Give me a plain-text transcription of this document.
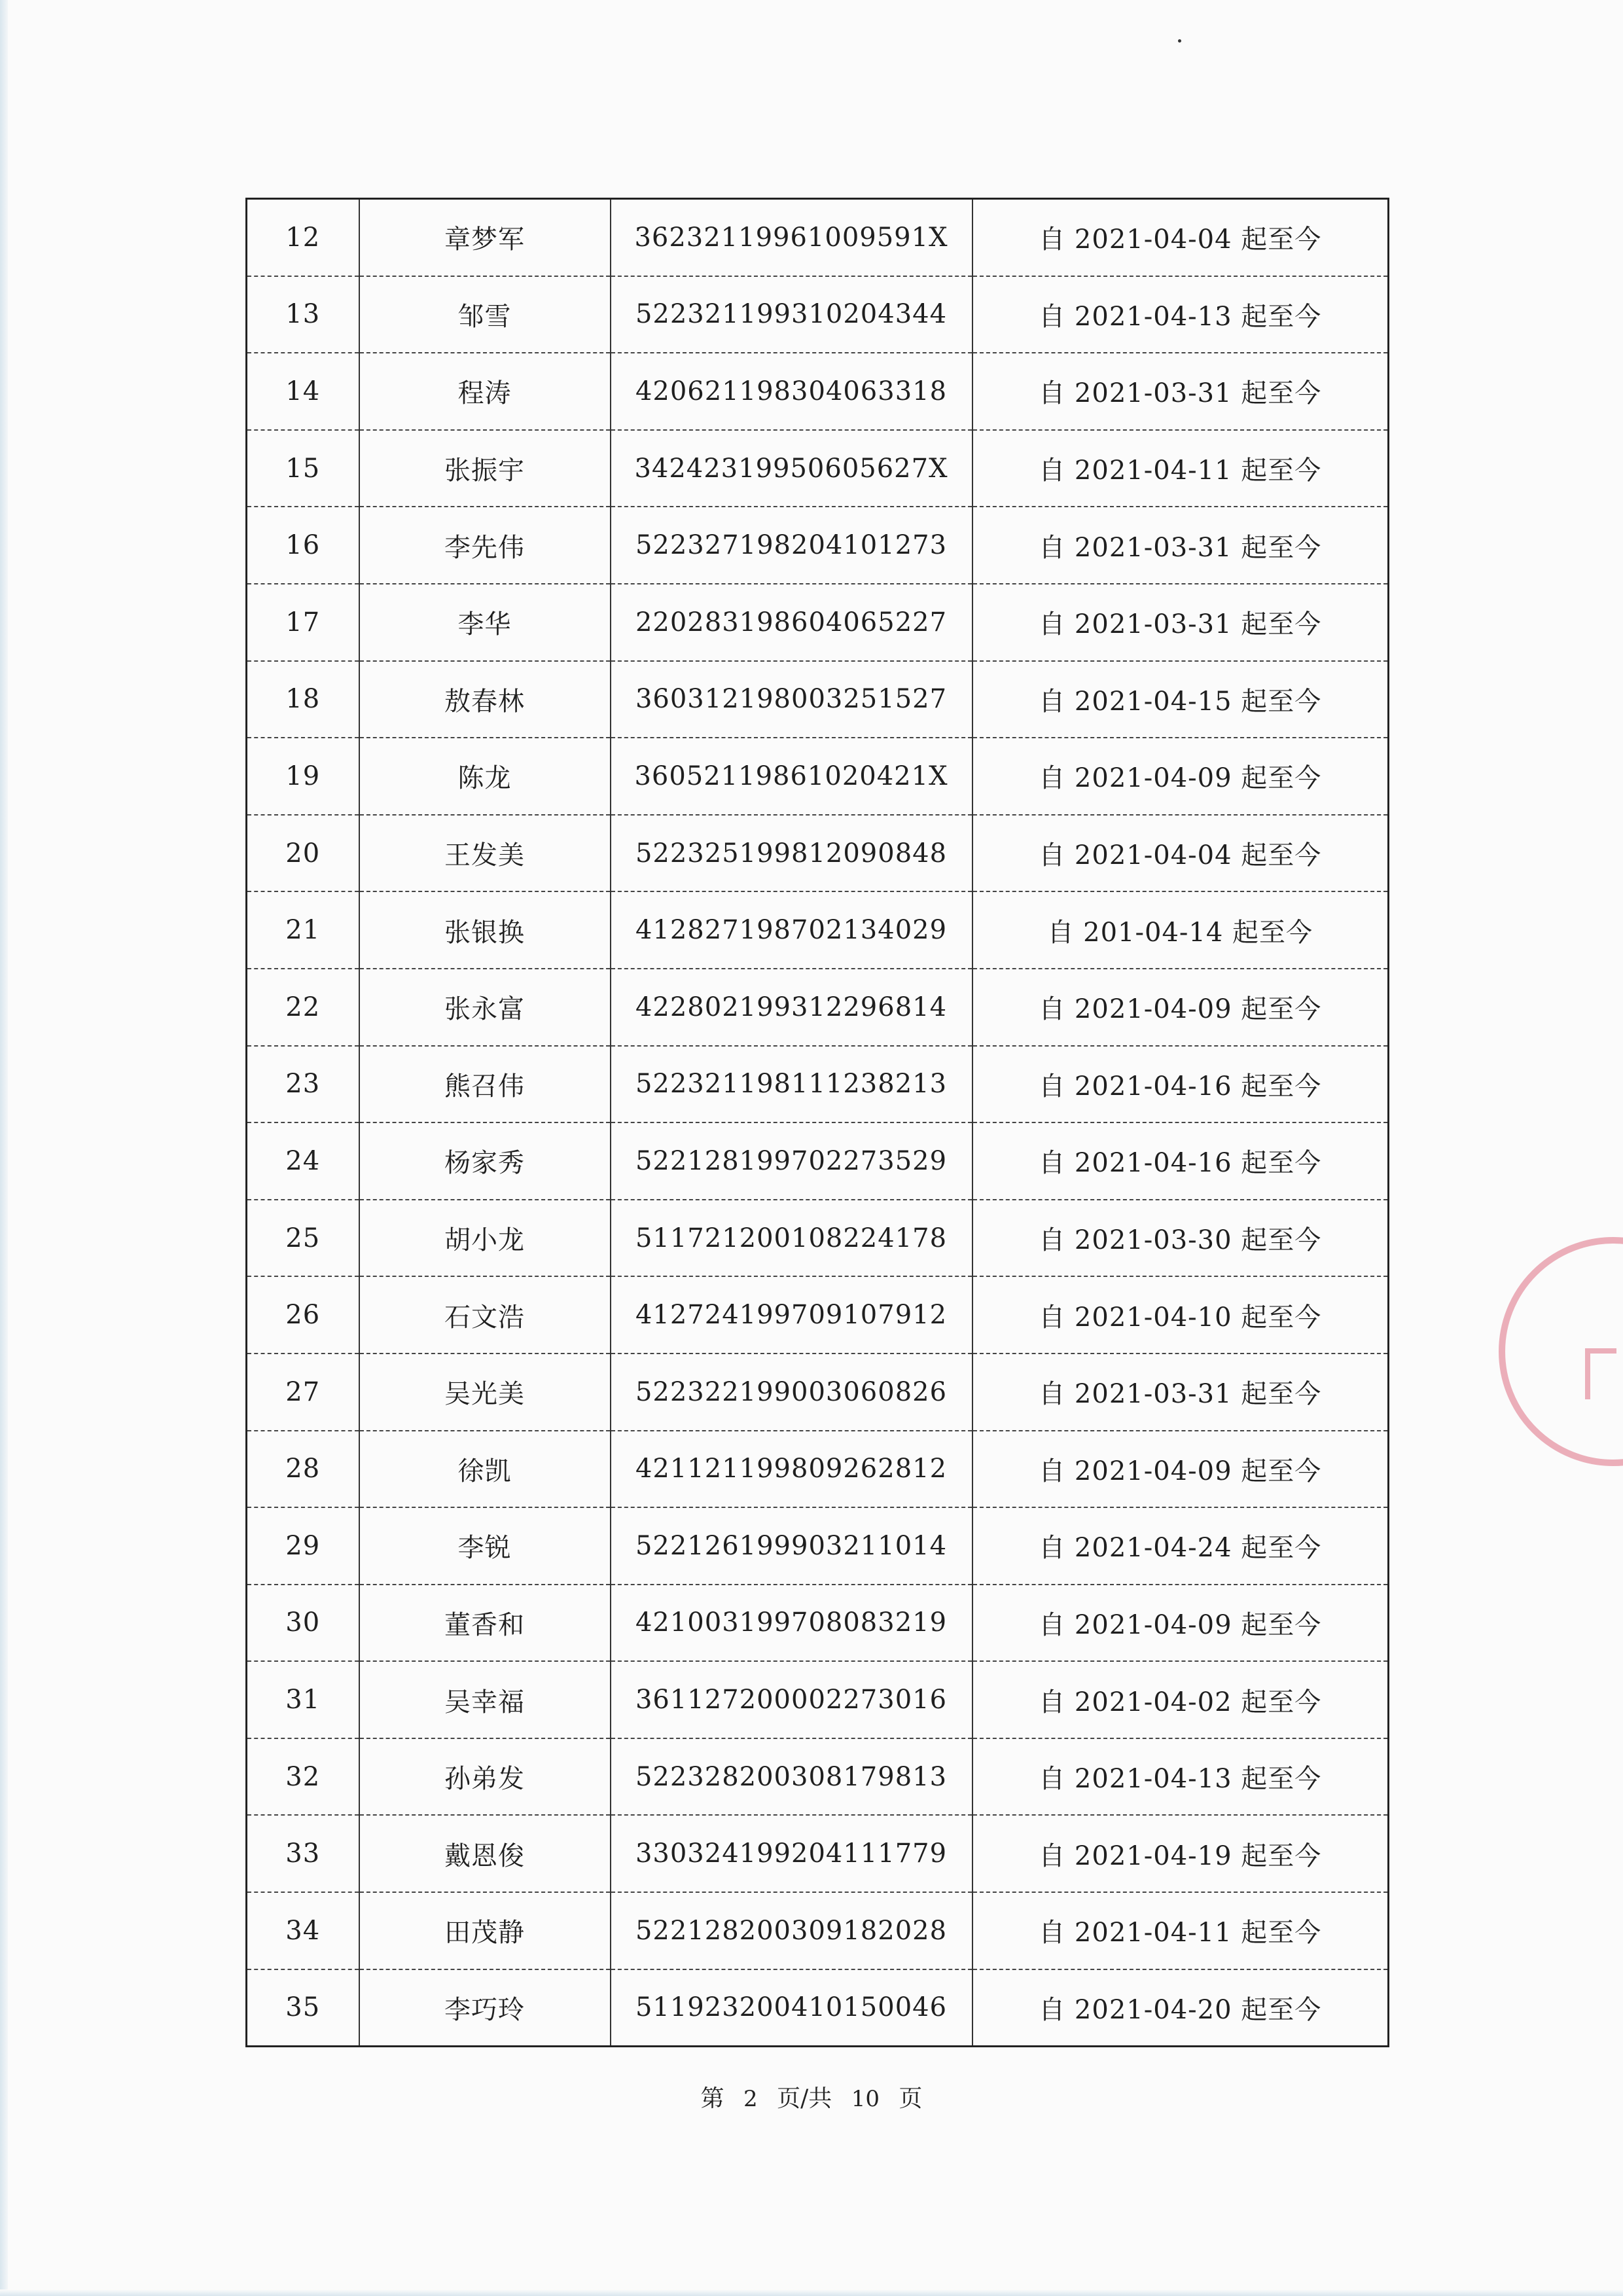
12	章梦军	36232119961009591X	自 2021-04-04 起至今
13	邹雪	522321199310204344	自 2021-04-13 起至今
14	程涛	420621198304063318	自 2021-03-31 起至今
15	张振宇	34242319950605627X	自 2021-04-11 起至今
16	李先伟	522327198204101273	自 2021-03-31 起至今
17	李华	220283198604065227	自 2021-03-31 起至今
18	敖春林	360312198003251527	自 2021-04-15 起至今
19	陈龙	36052119861020421X	自 2021-04-09 起至今
20	王发美	522325199812090848	自 2021-04-04 起至今
21	张银换	412827198702134029	自 201-04-14 起至今
22	张永富	422802199312296814	自 2021-04-09 起至今
23	熊召伟	522321198111238213	自 2021-04-16 起至今
24	杨家秀	522128199702273529	自 2021-04-16 起至今
25	胡小龙	511721200108224178	自 2021-03-30 起至今
26	石文浩	412724199709107912	自 2021-04-10 起至今
27	吴光美	522322199003060826	自 2021-03-31 起至今
28	徐凯	421121199809262812	自 2021-04-09 起至今
29	李锐	522126199903211014	自 2021-04-24 起至今
30	董香和	421003199708083219	自 2021-04-09 起至今
31	吴幸福	361127200002273016	自 2021-04-02 起至今
32	孙弟发	522328200308179813	自 2021-04-13 起至今
33	戴恩俊	330324199204111779	自 2021-04-19 起至今
34	田茂静	522128200309182028	自 2021-04-11 起至今
35	李巧玲	511923200410150046	自 2021-04-20 起至今
第 2 页/共 10 页
